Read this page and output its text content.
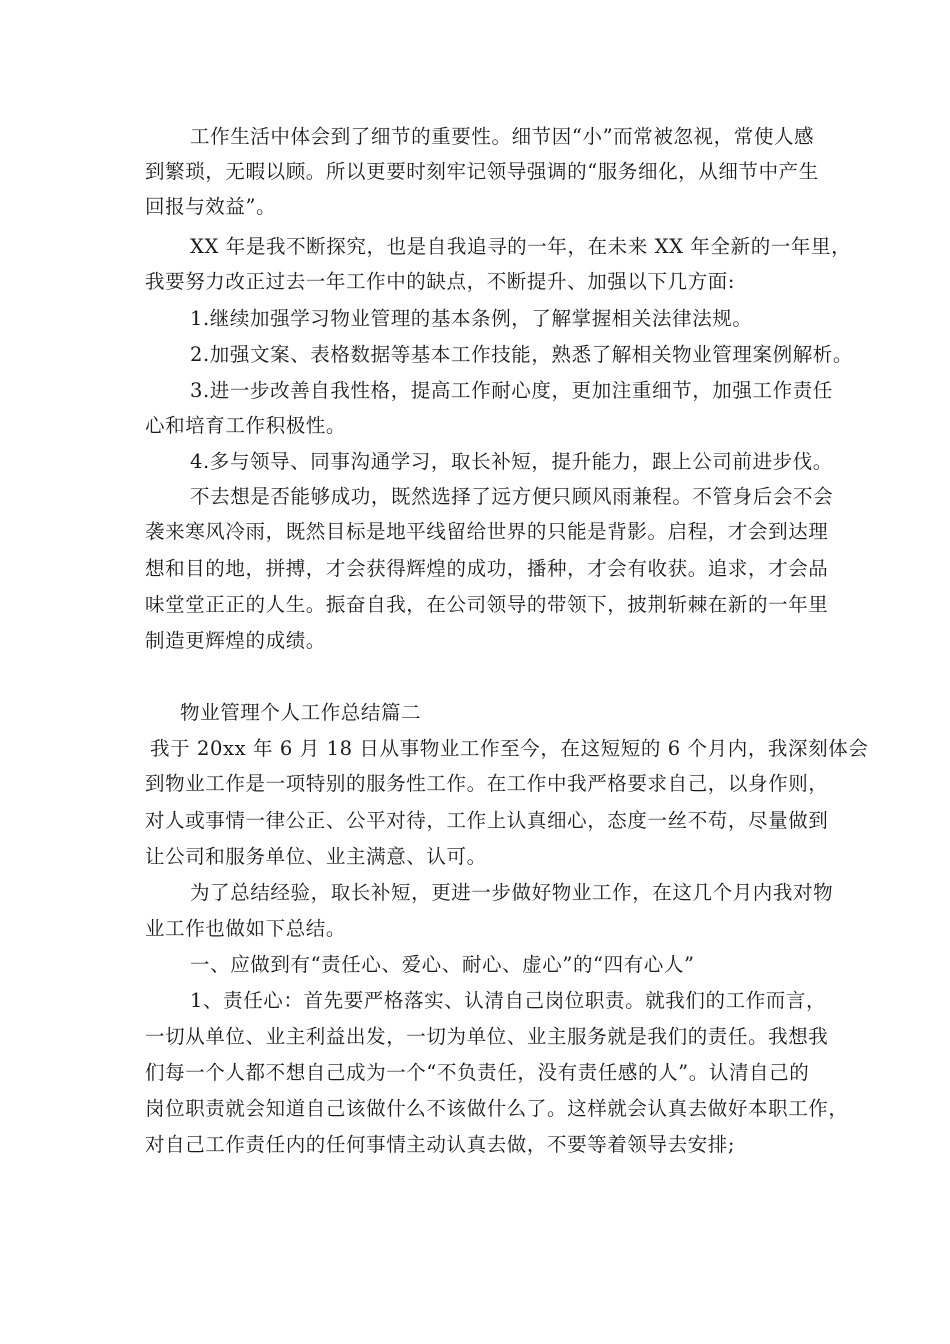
工作生活中体会到了细节的重要性。细节因“小”而常被忽视，常使人感
到繁琐，无暇以顾。所以更要时刻牢记领导强调的“服务细化，从细节中产生
回报与效益”。
XX 年是我不断探究，也是自我追寻的一年，在未来 XX 年全新的一年里，
我要努力改正过去一年工作中的缺点，不断提升、加强以下几方面:
1.继续加强学习物业管理的基本条例，了解掌握相关法律法规。
2.加强文案、表格数据等基本工作技能，熟悉了解相关物业管理案例解析。
3.进一步改善自我性格，提高工作耐心度，更加注重细节，加强工作责任
心和培育工作积极性。
4.多与领导、同事沟通学习，取长补短，提升能力，跟上公司前进步伐。
不去想是否能够成功，既然选择了远方便只顾风雨兼程。不管身后会不会
袭来寒风冷雨，既然目标是地平线留给世界的只能是背影。启程，才会到达理
想和目的地，拼搏，才会获得辉煌的成功，播种，才会有收获。追求，才会品
味堂堂正正的人生。振奋自我，在公司领导的带领下，披荆斩棘在新的一年里
制造更辉煌的成绩。
物业管理个人工作总结篇二
我于 20xx 年 6 月 18 日从事物业工作至今，在这短短的 6 个月内，我深刻体会
到物业工作是一项特别的服务性工作。在工作中我严格要求自己，以身作则，
对人或事情一律公正、公平对待，工作上认真细心，态度一丝不苟，尽量做到
让公司和服务单位、业主满意、认可。
为了总结经验，取长补短，更进一步做好物业工作，在这几个月内我对物
业工作也做如下总结。
一、应做到有“责任心、爱心、耐心、虚心”的“四有心人”
1、责任心：首先要严格落实、认清自己岗位职责。就我们的工作而言，
一切从单位、业主利益出发，一切为单位、业主服务就是我们的责任。我想我
们每一个人都不想自己成为一个“不负责任，没有责任感的人”。认清自己的
岗位职责就会知道自己该做什么不该做什么了。这样就会认真去做好本职工作，
对自己工作责任内的任何事情主动认真去做，不要等着领导去安排;
